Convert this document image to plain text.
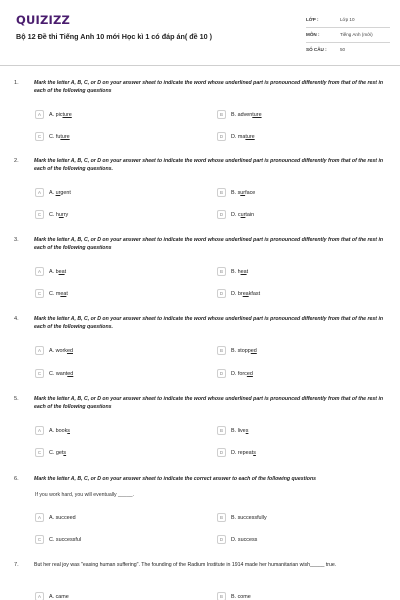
QUIZIZZ
Bộ 12 Đề thi Tiếng Anh 10 mới Học kì 1 có đáp án( đề 10 )
LỚP :	Lớp 10
MÔN :	Tiếng Anh (mới)
SỐ CÂU :	50
1.	Mark the letter A, B, C, or D on your answer sheet to indicate the word whose underlined part is pronounced differently from that of the rest in each of the following questions
A	A. picture	B	B. adventure
C	C. future	D	D. mature
2.	Mark the letter A, B, C, or D on your answer sheet to indicate the word whose underlined part is pronounced differently from that of the rest in each of the following questions.
A	A. urgent	B	B. surface
C	C. hurry	D	D. curtain
3.	Mark the letter A, B, C, or D on your answer sheet to indicate the word whose underlined part is pronounced differently from that of the rest in each of the following questions
A	A. beat	B	B. heat
C	C. meat	D	D. breakfast
4.	Mark the letter A, B, C, or D on your answer sheet to indicate the word whose underlined part is pronounced differently from that of the rest in each of the following questions.
A	A. worked	B	B. stopped
C	C. wanted	D	D. forced
5.	Mark the letter A, B, C, or D on your answer sheet to indicate the word whose underlined part is pronounced differently from that of the rest in each of the following questions
A	A. books	B	B. lives
C	C. gets	D	D. repeats
6.	Mark the letter A, B, C, or D on your answer sheet to indicate the correct answer to each of the following questions
If you work hard, you will eventually _____.
A	A. succeed	B	B. successfully
C	C. successful	D	D. success
7.	But her real joy was "easing human suffering". The founding of the Radium Institute in 1914 made her humanitarian wish_____ true.
A	A. came	B	B. come
